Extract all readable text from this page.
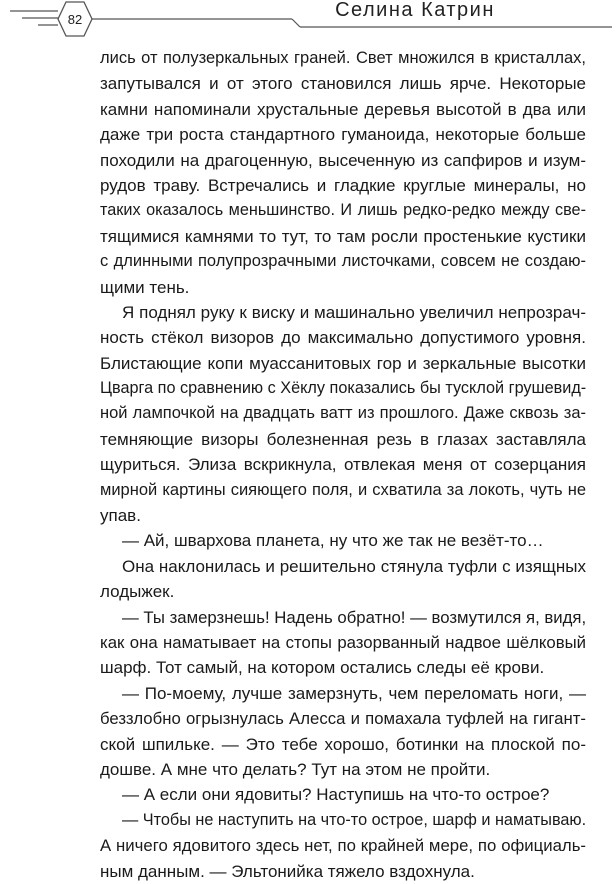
82	Селина Катрин
лись от полузеркальных граней. Свет множился в кристаллах,
запутывался и от этого становился лишь ярче. Некоторые
камни напоминали хрустальные деревья высотой в два или
даже три роста стандартного гуманоида, некоторые больше
походили на драгоценную, высеченную из сапфиров и изум-
рудов траву. Встречались и гладкие круглые минералы, но
таких оказалось меньшинство. И лишь редко-редко между све-
тящимися камнями то тут, то там росли простенькие кустики
с длинными полупрозрачными листочками, совсем не создаю-
щими тень.
Я поднял руку к виску и машинально увеличил непрозрач-
ность стёкол визоров до максимально допустимого уровня.
Блистающие копи муассанитовых гор и зеркальные высотки
Цварга по сравнению с Хёклу показались бы тусклой грушевид-
ной лампочкой на двадцать ватт из прошлого. Даже сквозь за-
темняющие визоры болезненная резь в глазах заставляла
щуриться. Элиза вскрикнула, отвлекая меня от созерцания
мирной картины сияющего поля, и схватила за локоть, чуть не
упав.
— Ай, швархова планета, ну что же так не везёт-то…
Она наклонилась и решительно стянула туфли с изящных
лодыжек.
— Ты замерзнешь! Надень обратно! — возмутился я, видя,
как она наматывает на стопы разорванный надвое шёлковый
шарф. Тот самый, на котором остались следы её крови.
— По-моему, лучше замерзнуть, чем переломать ноги, —
беззлобно огрызнулась Алесса и помахала туфлей на гигант-
ской шпильке. — Это тебе хорошо, ботинки на плоской по-
дошве. А мне что делать? Тут на этом не пройти.
— А если они ядовиты? Наступишь на что-то острое?
— Чтобы не наступить на что-то острое, шарф и наматываю.
А ничего ядовитого здесь нет, по крайней мере, по официаль-
ным данным. — Эльтонийка тяжело вздохнула.
